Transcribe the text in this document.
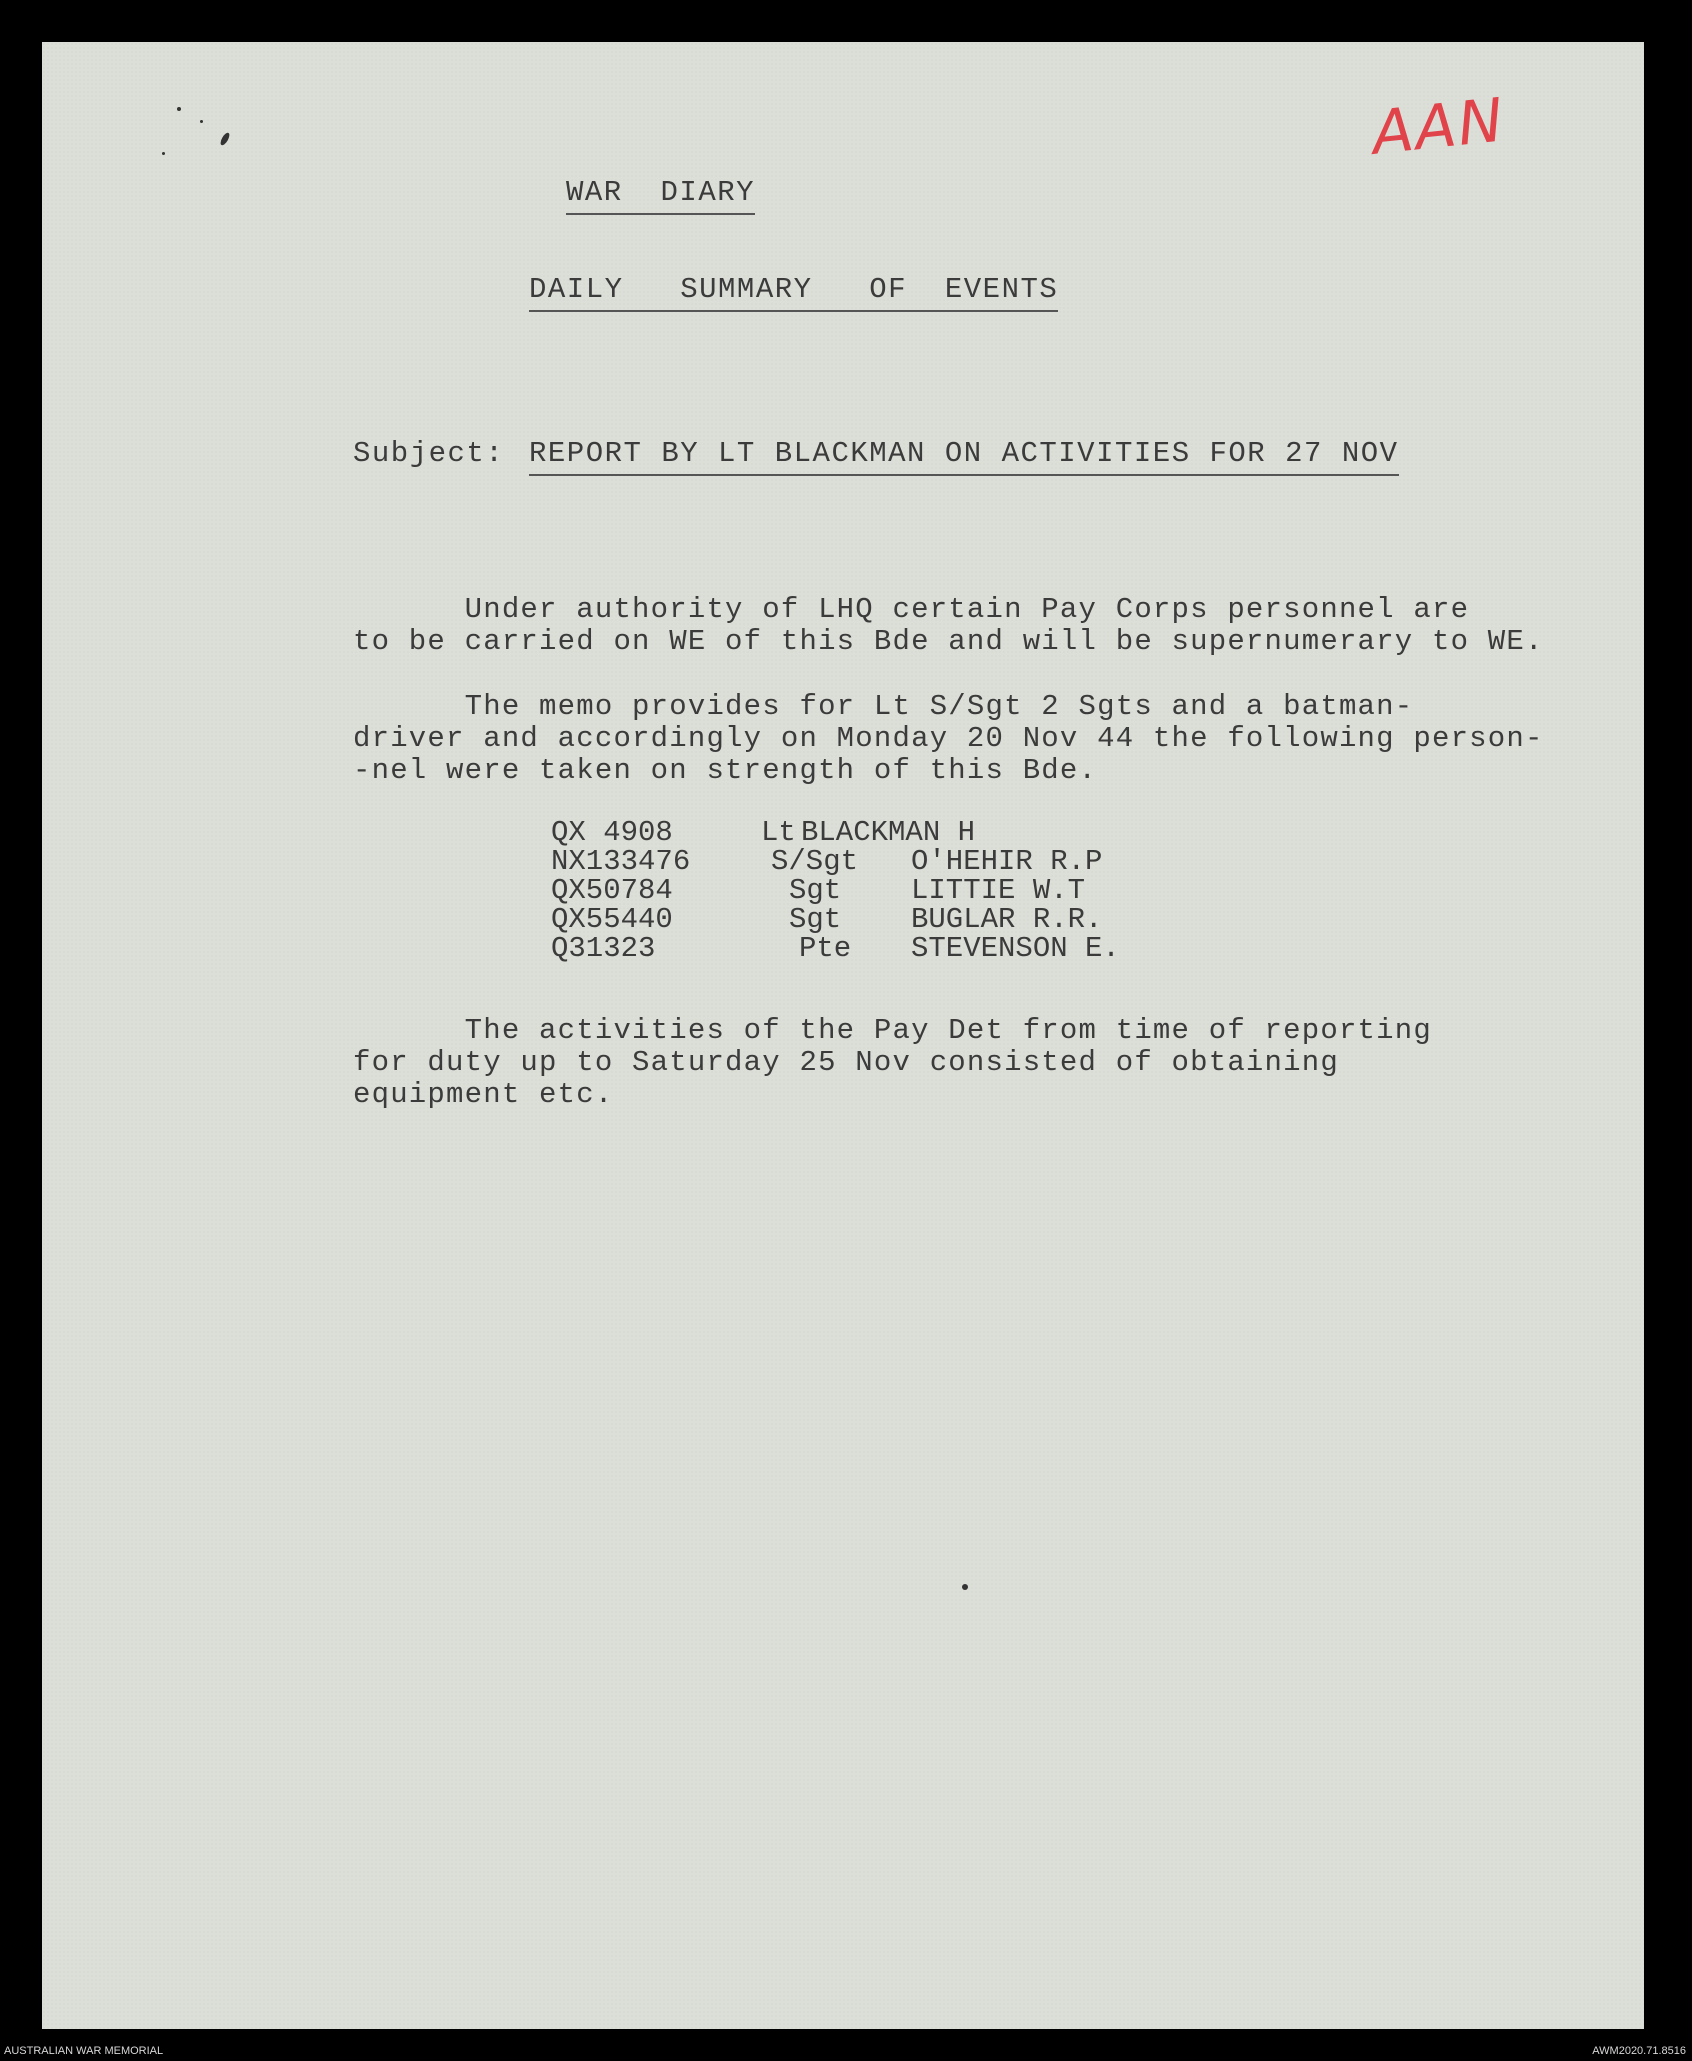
AAN
WAR  DIARY
DAILY   SUMMARY   OF  EVENTS
Subject: REPORT BY LT BLACKMAN ON ACTIVITIES FOR 27 NOV
Under authority of LHQ certain Pay Corps personnel are
to be carried on WE of this Bde and will be supernumerary to WE.
The memo provides for Lt S/Sgt 2 Sgts and a batman-
driver and accordingly on Monday 20 Nov 44 the following person-
-nel were taken on strength of this Bde.
QX 4908	Lt BLACKMAN H
NX133476	S/Sgt O'HEHIR R.P
QX50784	Sgt LITTIE W.T
QX55440	Sgt BUGLAR R.R.
Q31323	Pte STEVENSON E.
The activities of the Pay Det from time of reporting
for duty up to Saturday 25 Nov consisted of obtaining
equipment etc.
AUSTRALIAN WAR MEMORIAL	AWM2020.71.8516
